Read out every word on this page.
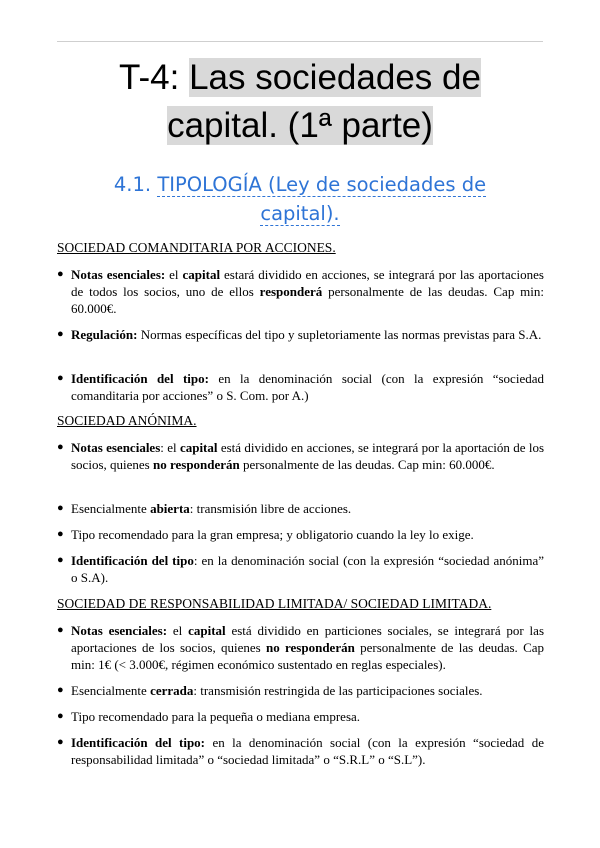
T-4: Las sociedades de
capital. (1ª parte)
4.1. TIPOLOGÍA (Ley de sociedades de
capital).
SOCIEDAD COMANDITARIA POR ACCIONES.
● Notas esenciales: el capital estará dividido en acciones, se integrará por las aportaciones de todos los socios, uno de ellos responderá personalmente de las deudas. Cap min: 60.000€.
● Regulación: Normas específicas del tipo y supletoriamente las normas previstas para S.A.
● Identificación del tipo: en la denominación social (con la expresión “sociedad comanditaria por acciones” o S. Com. por A.)
SOCIEDAD ANÓNIMA.
● Notas esenciales: el capital está dividido en acciones, se integrará por la aportación de los socios, quienes no responderán personalmente de las deudas. Cap min: 60.000€.
● Esencialmente abierta: transmisión libre de acciones.
● Tipo recomendado para la gran empresa; y obligatorio cuando la ley lo exige.
● Identificación del tipo: en la denominación social (con la expresión “sociedad anónima” o S.A).
SOCIEDAD DE RESPONSABILIDAD LIMITADA/ SOCIEDAD LIMITADA.
● Notas esenciales: el capital está dividido en particiones sociales, se integrará por las aportaciones de los socios, quienes no responderán personalmente de las deudas. Cap min: 1€ (< 3.000€, régimen económico sustentado en reglas especiales).
● Esencialmente cerrada: transmisión restringida de las participaciones sociales.
● Tipo recomendado para la pequeña o mediana empresa.
● Identificación del tipo: en la denominación social (con la expresión “sociedad de responsabilidad limitada” o “sociedad limitada” o “S.R.L” o “S.L”).
